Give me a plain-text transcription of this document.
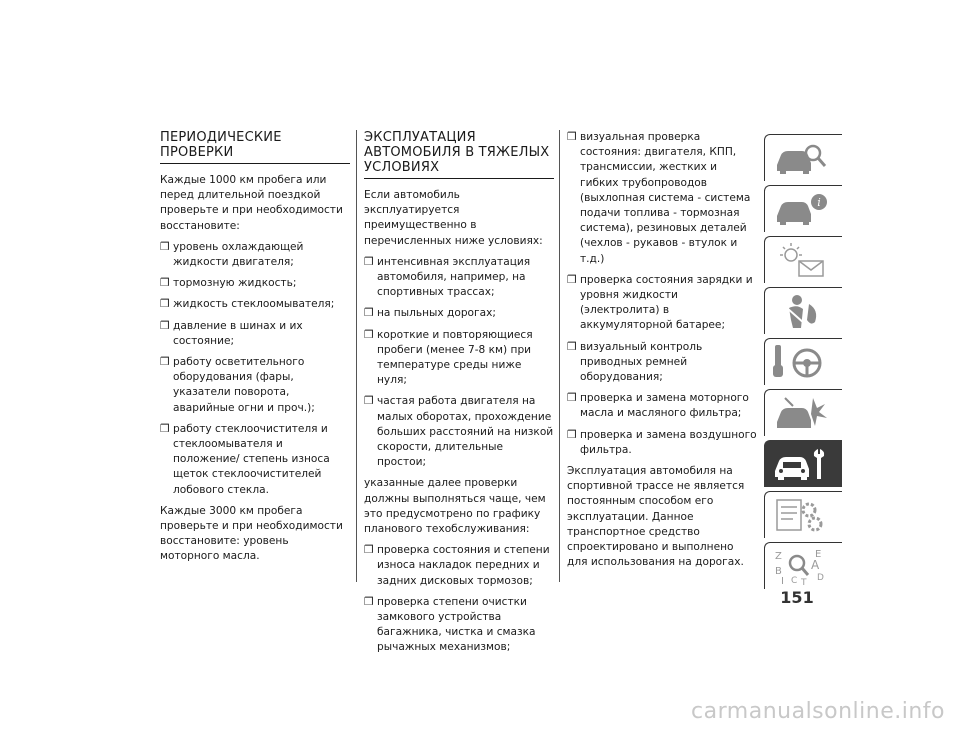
ПЕРИОДИЧЕСКИЕ ПРОВЕРКИ
Каждые 1000 км пробега или перед длительной поездкой проверьте и при необходимости восстановите:
❒ уровень охлаждающей жидкости двигателя;
❒ тормозную жидкость;
❒ жидкость стеклоомывателя;
❒ давление в шинах и их состояние;
❒ работу осветительного оборудования (фары, указатели поворота, аварийные огни и проч.);
❒ работу стеклоочистителя и стеклоомывателя и положение/ степень износа щеток стеклоочистителей лобового стекла.
Каждые 3000 км пробега проверьте и при необходимости восстановите: уровень моторного масла.
ЭКСПЛУАТАЦИЯ АВТОМОБИЛЯ В ТЯЖЕЛЫХ УСЛОВИЯХ
Если автомобиль эксплуатируется преимущественно в перечисленных ниже условиях:
❒ интенсивная эксплуатация автомобиля, например, на спортивных трассах;
❒ на пыльных дорогах;
❒ короткие и повторяющиеся пробеги (менее 7-8 км) при температуре среды ниже нуля;
❒ частая работа двигателя на малых оборотах, прохождение больших расстояний на низкой скорости, длительные простои;
указанные далее проверки должны выполняться чаще, чем это предусмотрено по графику планового техобслуживания:
❒ проверка состояния и степени износа накладок передних и задних дисковых тормозов;
❒ проверка степени очистки замкового устройства багажника, чистка и смазка рычажных механизмов;
❒ визуальная проверка состояния: двигателя, КПП, трансмиссии, жестких и гибких трубопроводов (выхлопная система - система подачи топлива - тормозная система), резиновых деталей (чехлов - рукавов - втулок и т.д.)
❒ проверка состояния зарядки и уровня жидкости (электролита) в аккумуляторной батарее;
❒ визуальный контроль приводных ремней оборудования;
❒ проверка и замена моторного масла и масляного фильтра;
❒ проверка и замена воздушного фильтра.
Эксплуатация автомобиля на спортивной трассе не является постоянным способом его эксплуатации. Данное транспортное средство спроектировано и выполнено для использования на дорогах.
i
Z	E
B A
D
I C T
151
carmanualsonline.info
